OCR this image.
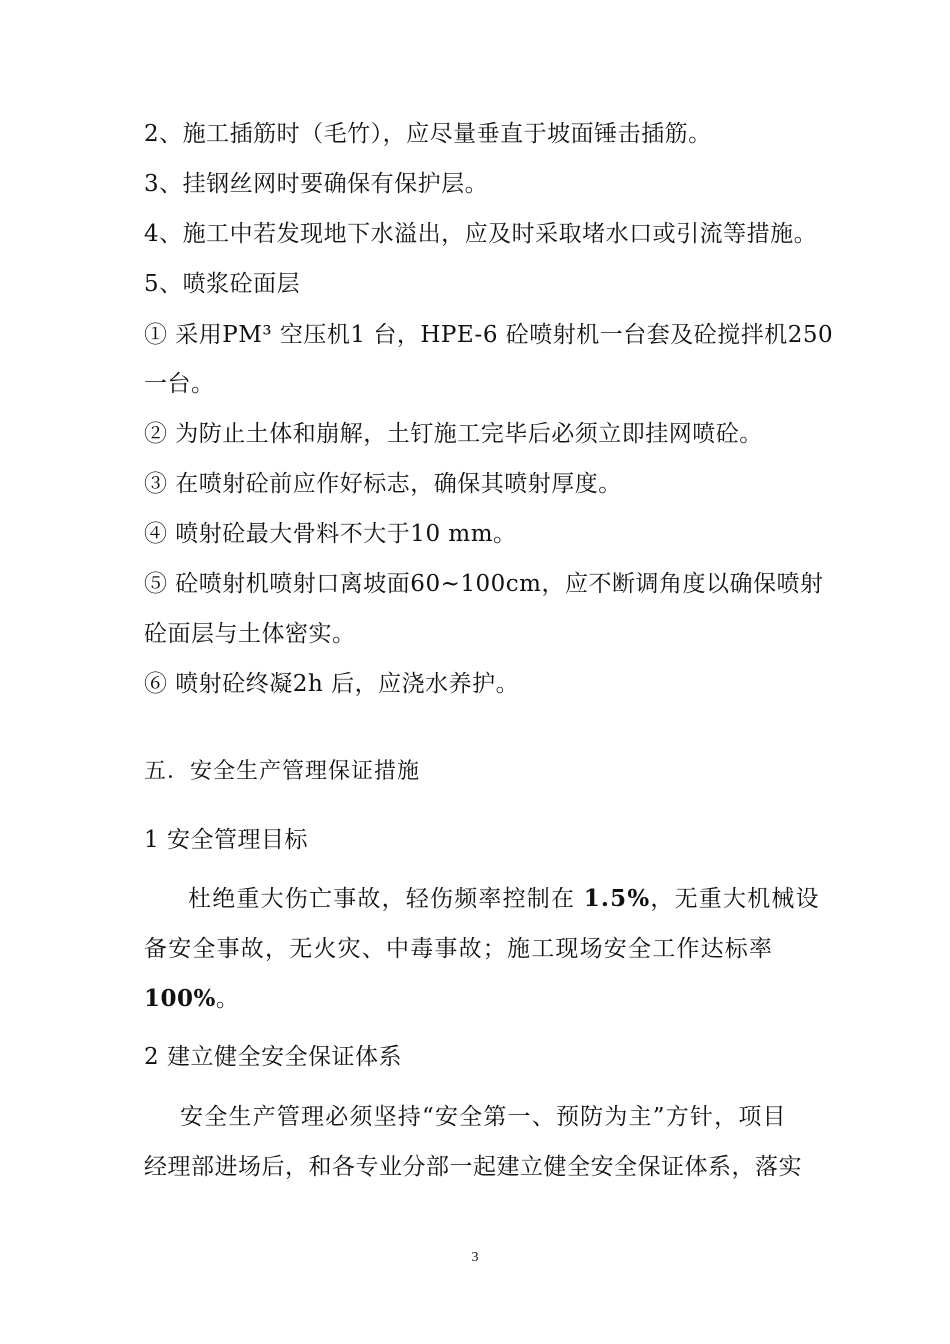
2、施工插筋时（毛竹），应尽量垂直于坡面锤击插筋。
3、挂钢丝网时要确保有保护层。
4、施工中若发现地下水溢出，应及时采取堵水口或引流等措施。
5、喷浆砼面层
① 采用PM³ 空压机1 台，HPE-6 砼喷射机一台套及砼搅拌机250
一台。
② 为防止土体和崩解，土钉施工完毕后必须立即挂网喷砼。
③ 在喷射砼前应作好标志，确保其喷射厚度。
④ 喷射砼最大骨料不大于10 mm。
⑤ 砼喷射机喷射口离坡面60~100cm，应不断调角度以确保喷射
砼面层与土体密实。
⑥ 喷射砼终凝2h 后，应浇水养护。
五．安全生产管理保证措施
1 安全管理目标
杜绝重大伤亡事故，轻伤频率控制在 1.5%，无重大机械设
备安全事故，无火灾、中毒事故；施工现场安全工作达标率
100%。
2 建立健全安全保证体系
安全生产管理必须坚持“安全第一、预防为主”方针，项目
经理部进场后，和各专业分部一起建立健全安全保证体系，落实
3
